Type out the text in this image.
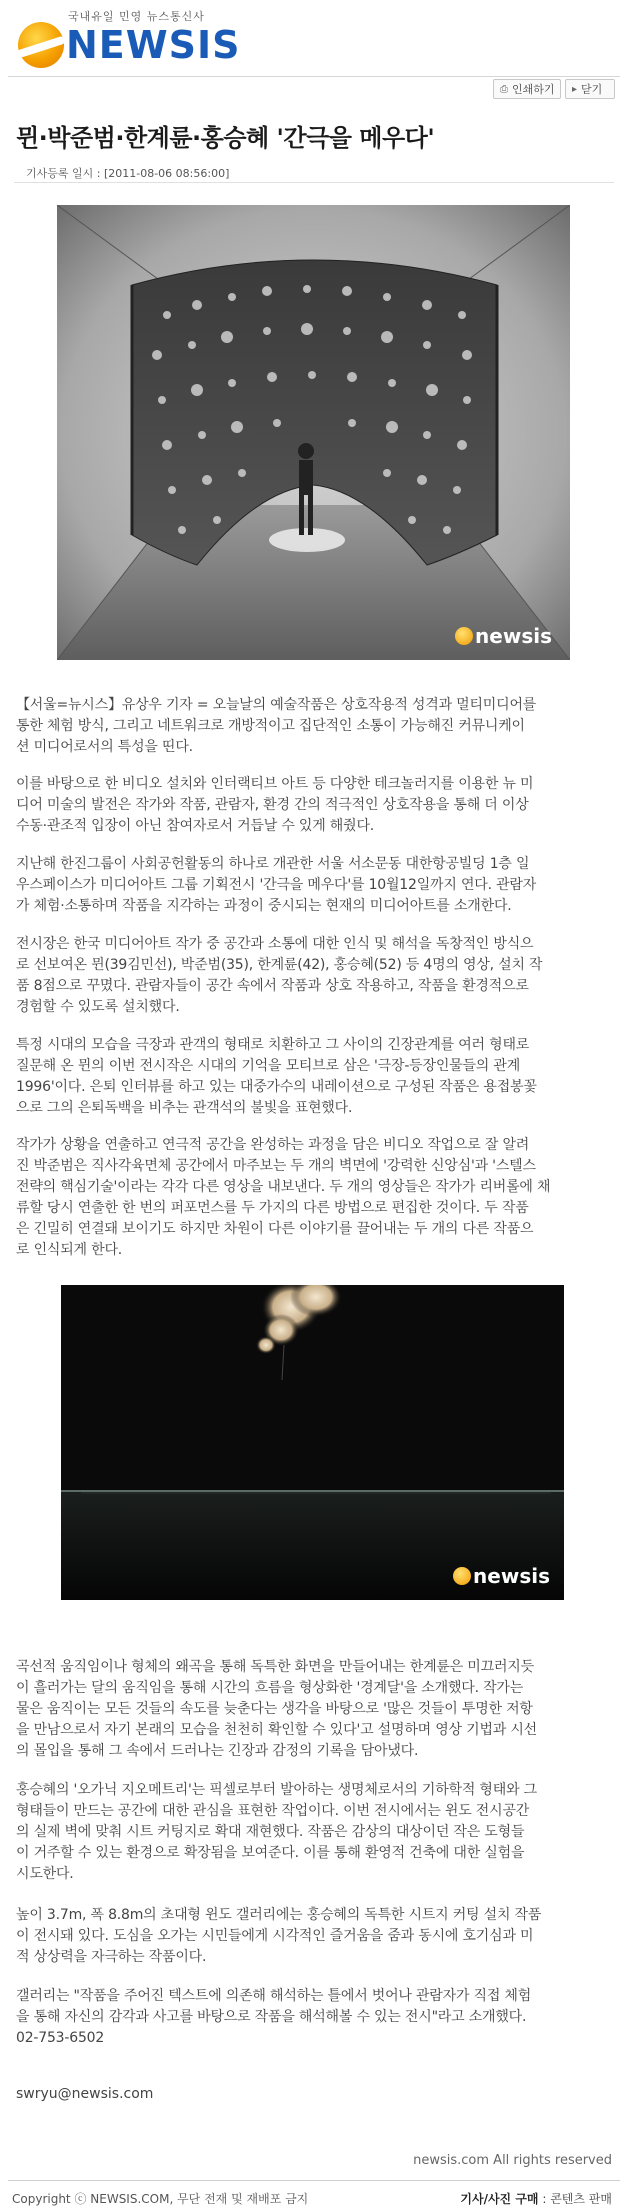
국내유일 민영 뉴스통신사
NEWSIS
⎙ 인쇄하기 ▸ 닫기
뮌·박준범·한계륜·홍승혜 '간극을 메우다'
기사등록 일시 : [2011-08-06 08:56:00]
newsis
【서울=뉴시스】유상우 기자 = 오늘날의 예술작품은 상호작용적 성격과 멀티미디어를
통한 체험 방식, 그리고 네트워크로 개방적이고 집단적인 소통이 가능해진 커뮤니케이
션 미디어로서의 특성을 띤다.
이를 바탕으로 한 비디오 설치와 인터랙티브 아트 등 다양한 테크놀러지를 이용한 뉴 미
디어 미술의 발전은 작가와 작품, 관람자, 환경 간의 적극적인 상호작용을 통해 더 이상
수동·관조적 입장이 아닌 참여자로서 거듭날 수 있게 해줬다.
지난해 한진그룹이 사회공헌활동의 하나로 개관한 서울 서소문동 대한항공빌딩 1층 일
우스페이스가 미디어아트 그룹 기획전시 '간극을 메우다'를 10월12일까지 연다. 관람자
가 체험·소통하며 작품을 지각하는 과정이 중시되는 현재의 미디어아트를 소개한다.
전시장은 한국 미디어아트 작가 중 공간과 소통에 대한 인식 및 해석을 독창적인 방식으
로 선보여온 뮌(39김민선), 박준범(35), 한계륜(42), 홍승혜(52) 등 4명의 영상, 설치 작
품 8점으로 꾸몄다. 관람자들이 공간 속에서 작품과 상호 작용하고, 작품을 환경적으로
경험할 수 있도록 설치했다.
특정 시대의 모습을 극장과 관객의 형태로 치환하고 그 사이의 긴장관계를 여러 형태로
질문해 온 뮌의 이번 전시작은 시대의 기억을 모티브로 삼은 '극장-등장인물들의 관계
1996'이다. 은퇴 인터뷰를 하고 있는 대중가수의 내레이션으로 구성된 작품은 용접봉꽃
으로 그의 은퇴독백을 비추는 관객석의 불빛을 표현했다.
작가가 상황을 연출하고 연극적 공간을 완성하는 과정을 담은 비디오 작업으로 잘 알려
진 박준범은 직사각육면체 공간에서 마주보는 두 개의 벽면에 '강력한 신앙심'과 '스텔스
전략의 핵심기술'이라는 각각 다른 영상을 내보낸다. 두 개의 영상들은 작가가 리버롤에 채
류할 당시 연출한 한 번의 퍼포먼스를 두 가지의 다른 방법으로 편집한 것이다. 두 작품
은 긴밀히 연결돼 보이기도 하지만 차원이 다른 이야기를 끌어내는 두 개의 다른 작품으
로 인식되게 한다.
newsis
곡선적 움직임이나 형체의 왜곡을 통해 독특한 화면을 만들어내는 한계륜은 미끄러지듯
이 흘러가는 달의 움직임을 통해 시간의 흐름을 형상화한 '경계달'을 소개했다. 작가는
물은 움직이는 모든 것들의 속도를 늦춘다는 생각을 바탕으로 '많은 것들이 투명한 저항
을 만남으로서 자기 본래의 모습을 천천히 확인할 수 있다'고 설명하며 영상 기법과 시선
의 몰입을 통해 그 속에서 드러나는 긴장과 감정의 기록을 담아냈다.
홍승혜의 '오가닉 지오메트리'는 픽셀로부터 발아하는 생명체로서의 기하학적 형태와 그
형태들이 만드는 공간에 대한 관심을 표현한 작업이다. 이번 전시에서는 윈도 전시공간
의 실제 벽에 맞춰 시트 커팅지로 확대 재현했다. 작품은 감상의 대상이던 작은 도형들
이 거주할 수 있는 환경으로 확장됨을 보여준다. 이를 통해 환영적 건축에 대한 실험을
시도한다.
높이 3.7m, 폭 8.8m의 초대형 윈도 갤러리에는 홍승혜의 독특한 시트지 커팅 설치 작품
이 전시돼 있다. 도심을 오가는 시민들에게 시각적인 즐거움을 줌과 동시에 호기심과 미
적 상상력을 자극하는 작품이다.
갤러리는 "작품을 주어진 텍스트에 의존해 해석하는 틀에서 벗어나 관람자가 직접 체험
을 통해 자신의 감각과 사고를 바탕으로 작품을 해석해볼 수 있는 전시"라고 소개했다.
02-753-6502
swryu@newsis.com
newsis.com All rights reserved
Copyright ⓒ NEWSIS.COM, 무단 전재 및 재배포 금지	기사/사진 구매 : 콘텐츠 판매
